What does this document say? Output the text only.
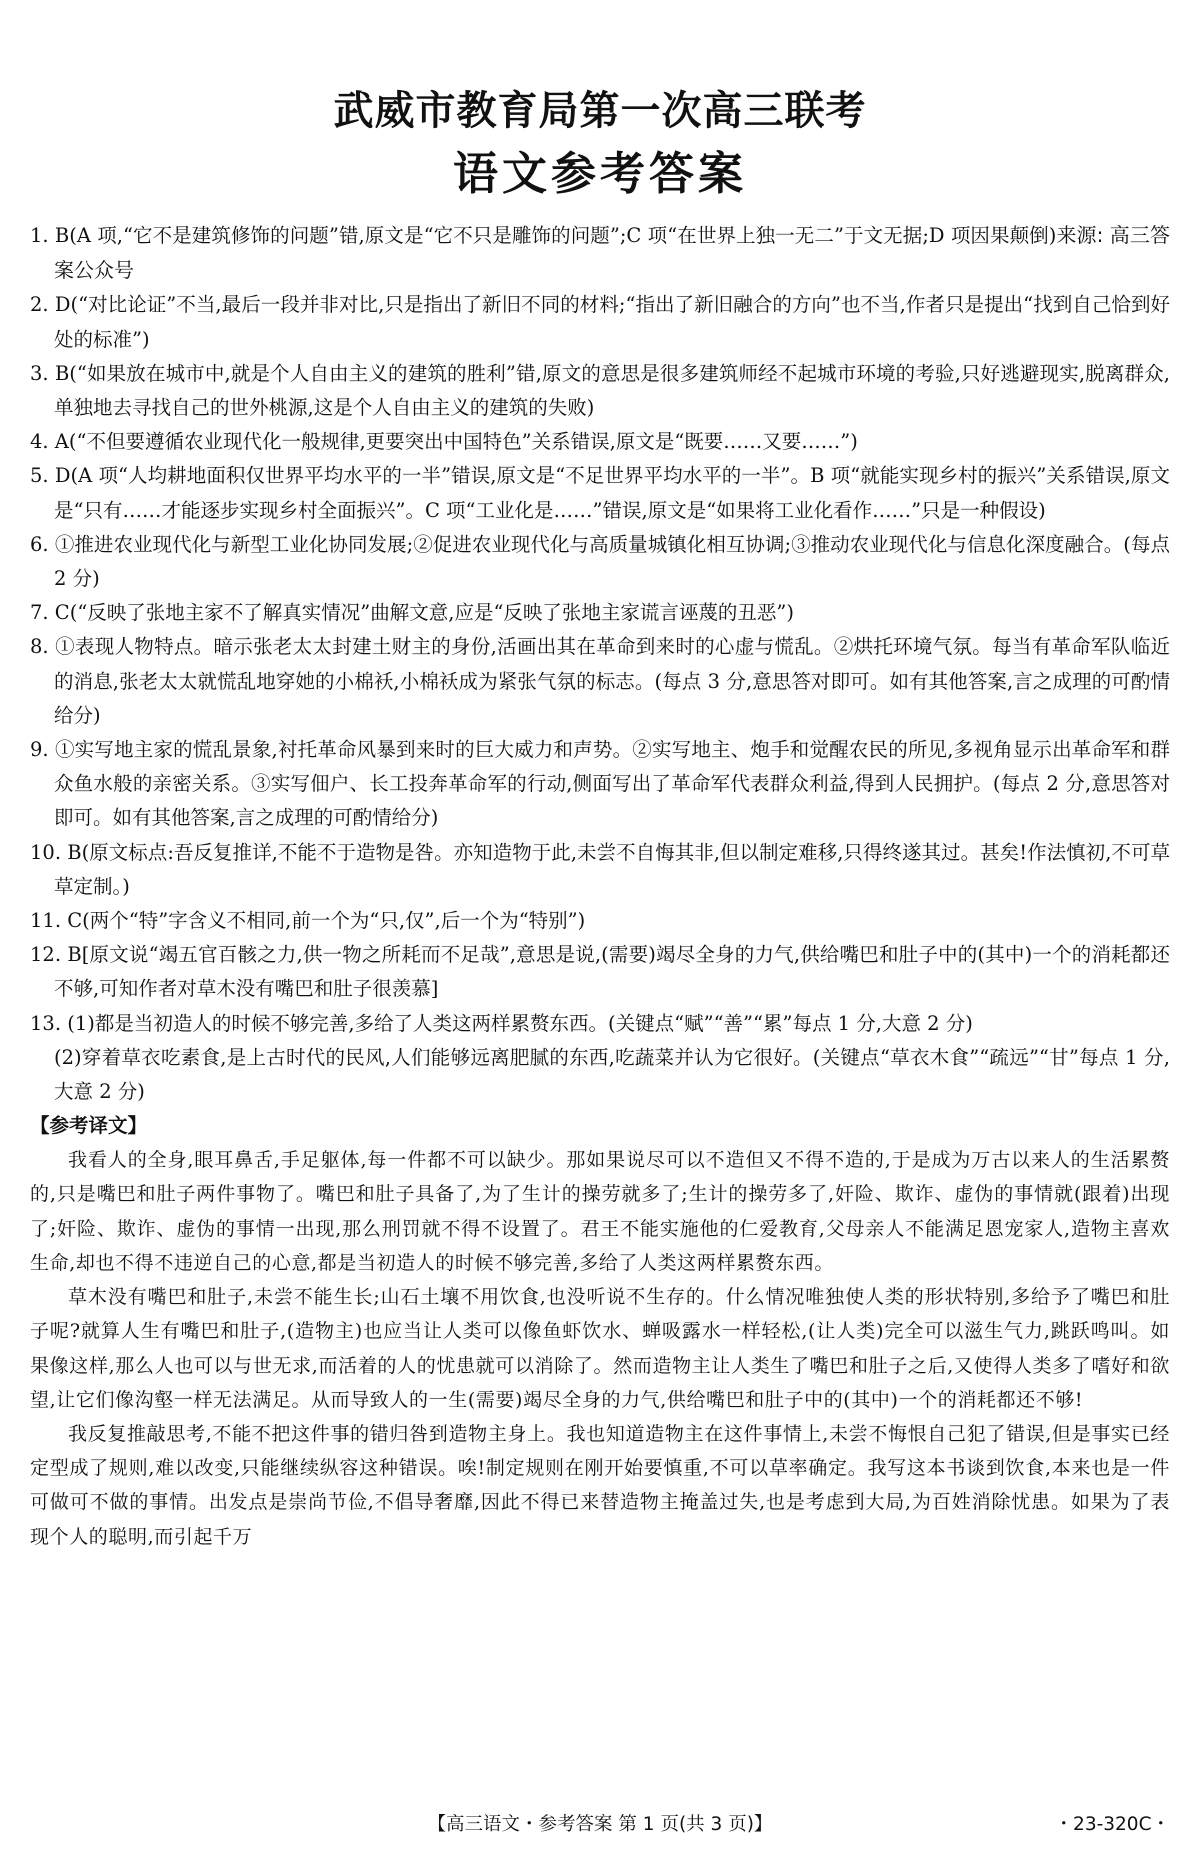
武威市教育局第一次高三联考
语文参考答案
1. B(A 项,“它不是建筑修饰的问题”错,原文是“它不只是雕饰的问题”;C 项“在世界上独一无二”于文无据;D 项因果颠倒)来源: 高三答案公众号
2. D(“对比论证”不当,最后一段并非对比,只是指出了新旧不同的材料;“指出了新旧融合的方向”也不当,作者只是提出“找到自己恰到好处的标准”)
3. B(“如果放在城市中,就是个人自由主义的建筑的胜利”错,原文的意思是很多建筑师经不起城市环境的考验,只好逃避现实,脱离群众,单独地去寻找自己的世外桃源,这是个人自由主义的建筑的失败)
4. A(“不但要遵循农业现代化一般规律,更要突出中国特色”关系错误,原文是“既要……又要……”)
5. D(A 项“人均耕地面积仅世界平均水平的一半”错误,原文是“不足世界平均水平的一半”。B 项“就能实现乡村的振兴”关系错误,原文是“只有……才能逐步实现乡村全面振兴”。C 项“工业化是……”错误,原文是“如果将工业化看作……”只是一种假设)
6. ①推进农业现代化与新型工业化协同发展;②促进农业现代化与高质量城镇化相互协调;③推动农业现代化与信息化深度融合。(每点 2 分)
7. C(“反映了张地主家不了解真实情况”曲解文意,应是“反映了张地主家谎言诬蔑的丑恶”)
8. ①表现人物特点。暗示张老太太封建土财主的身份,活画出其在革命到来时的心虚与慌乱。②烘托环境气氛。每当有革命军队临近的消息,张老太太就慌乱地穿她的小棉袄,小棉袄成为紧张气氛的标志。(每点 3 分,意思答对即可。如有其他答案,言之成理的可酌情给分)
9. ①实写地主家的慌乱景象,衬托革命风暴到来时的巨大威力和声势。②实写地主、炮手和觉醒农民的所见,多视角显示出革命军和群众鱼水般的亲密关系。③实写佃户、长工投奔革命军的行动,侧面写出了革命军代表群众利益,得到人民拥护。(每点 2 分,意思答对即可。如有其他答案,言之成理的可酌情给分)
10. B(原文标点:吾反复推详,不能不于造物是咎。亦知造物于此,未尝不自悔其非,但以制定难移,只得终遂其过。甚矣!作法慎初,不可草草定制。)
11. C(两个“特”字含义不相同,前一个为“只,仅”,后一个为“特别”)
12. B[原文说“竭五官百骸之力,供一物之所耗而不足哉”,意思是说,(需要)竭尽全身的力气,供给嘴巴和肚子中的(其中)一个的消耗都还不够,可知作者对草木没有嘴巴和肚子很羡慕]
13. (1)都是当初造人的时候不够完善,多给了人类这两样累赘东西。(关键点“赋”“善”“累”每点 1 分,大意 2 分)
(2)穿着草衣吃素食,是上古时代的民风,人们能够远离肥腻的东西,吃蔬菜并认为它很好。(关键点“草衣木食”“疏远”“甘”每点 1 分,大意 2 分)
【参考译文】

我看人的全身,眼耳鼻舌,手足躯体,每一件都不可以缺少。那如果说尽可以不造但又不得不造的,于是成为万古以来人的生活累赘的,只是嘴巴和肚子两件事物了。嘴巴和肚子具备了,为了生计的操劳就多了;生计的操劳多了,奸险、欺诈、虚伪的事情就(跟着)出现了;奸险、欺诈、虚伪的事情一出现,那么刑罚就不得不设置了。君王不能实施他的仁爱教育,父母亲人不能满足恩宠家人,造物主喜欢生命,却也不得不违逆自己的心意,都是当初造人的时候不够完善,多给了人类这两样累赘东西。

草木没有嘴巴和肚子,未尝不能生长;山石土壤不用饮食,也没听说不生存的。什么情况唯独使人类的形状特别,多给予了嘴巴和肚子呢?就算人生有嘴巴和肚子,(造物主)也应当让人类可以像鱼虾饮水、蝉吸露水一样轻松,(让人类)完全可以滋生气力,跳跃鸣叫。如果像这样,那么人也可以与世无求,而活着的人的忧患就可以消除了。然而造物主让人类生了嘴巴和肚子之后,又使得人类多了嗜好和欲望,让它们像沟壑一样无法满足。从而导致人的一生(需要)竭尽全身的力气,供给嘴巴和肚子中的(其中)一个的消耗都还不够!

我反复推敲思考,不能不把这件事的错归咎到造物主身上。我也知道造物主在这件事情上,未尝不悔恨自己犯了错误,但是事实已经定型成了规则,难以改变,只能继续纵容这种错误。唉!制定规则在刚开始要慎重,不可以草率确定。我写这本书谈到饮食,本来也是一件可做可不做的事情。出发点是崇尚节俭,不倡导奢靡,因此不得已来替造物主掩盖过失,也是考虑到大局,为百姓消除忧患。如果为了表现个人的聪明,而引起千万

【高三语文・参考答案 第 1 页(共 3 页)】	・23-320C・
